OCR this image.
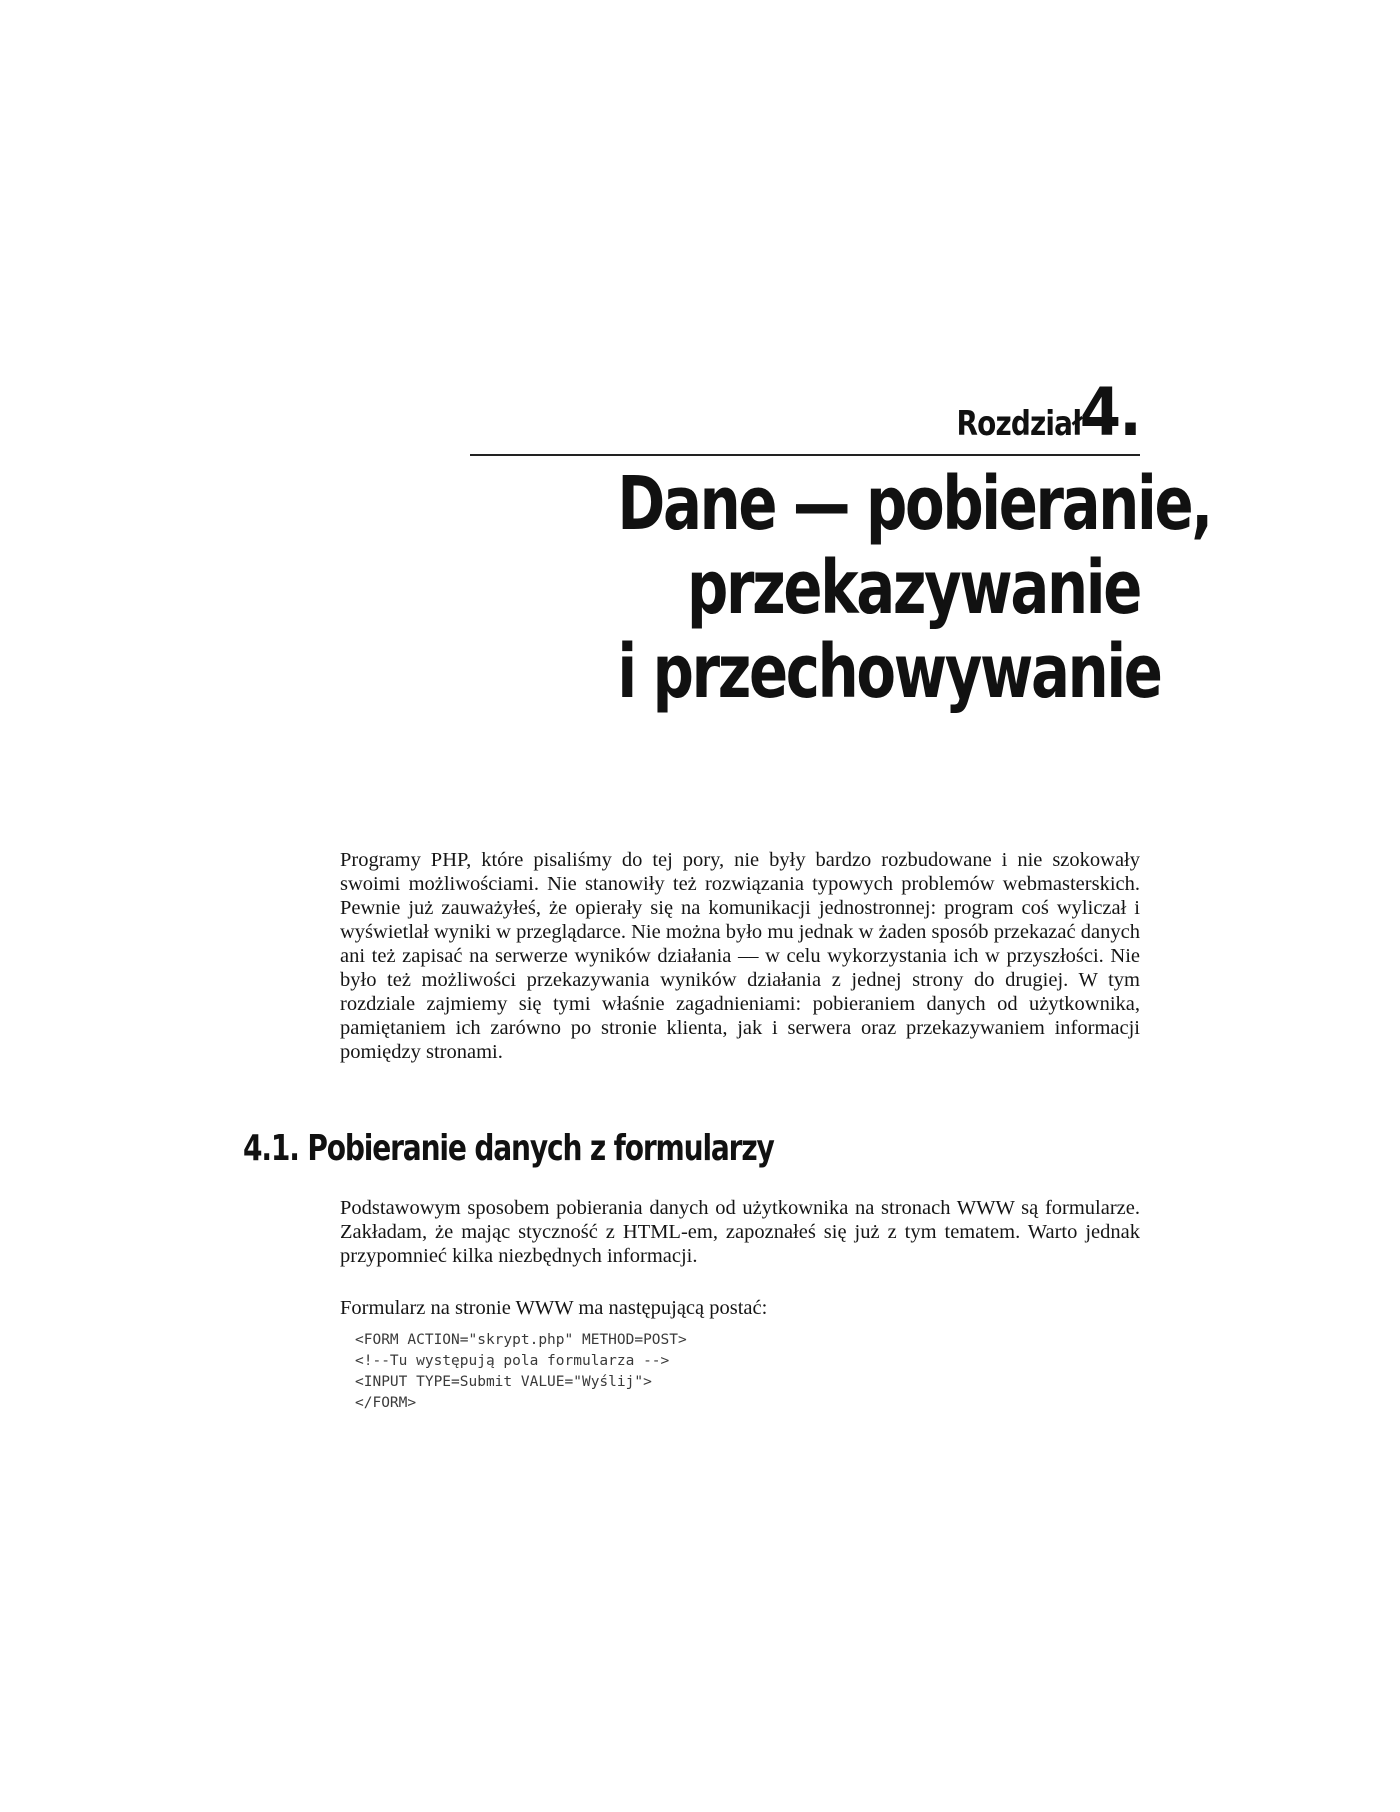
Rozdział 4.
Dane — pobieranie,
przekazywanie
i przechowywanie

Programy PHP, które pisaliśmy do tej pory, nie były bardzo rozbudowane i nie szokowały swoimi możliwościami. Nie stanowiły też rozwiązania typowych problemów webmasterskich. Pewnie już zauważyłeś, że opierały się na komunikacji jednostronnej: program coś wyliczał i wyświetlał wyniki w przeglądarce. Nie można było mu jednak w żaden sposób przekazać danych ani też zapisać na serwerze wyników działania –– w celu wykorzystania ich w przyszłości. Nie było też możliwości przekazywania wyników działania z jednej strony do drugiej. W tym rozdziale zajmiemy się tymi właśnie zagadnieniami: pobieraniem danych od użytkownika, pamiętaniem ich zarówno po stronie klienta, jak i serwera oraz przekazywaniem informacji pomiędzy stronami.

4.1. Pobieranie danych z formularzy

Podstawowym sposobem pobierania danych od użytkownika na stronach WWW są formularze. Zakładam, że mając styczność z HTML-em, zapoznałeś się już z tym tematem. Warto jednak przypomnieć kilka niezbędnych informacji.

Formularz na stronie WWW ma następującą postać:

<FORM ACTION="skrypt.php" METHOD=POST>
<!--Tu występują pola formularza -->
<INPUT TYPE=Submit VALUE="Wyślij">
</FORM>
